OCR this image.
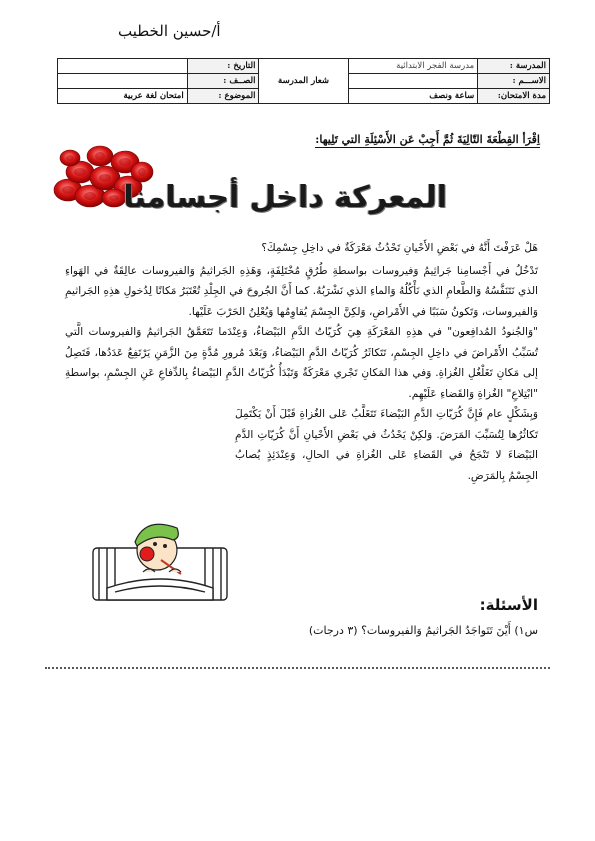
أ/حسين الخطيب
المدرسة :	مدرسة الفجر الابتدائية	شعار المدرسة	التاريخ :	
الاســـم :			الصــف :	
مدة الامتحان:	ساعة ونصف		الموضوع :	امتحان لغة عربية
اِقْرَأ القِطْعَةَ التّالِيَةَ ثُمَّ أَجِبْ عَن الأَسْئِلَةِ التي تَلِيها:
المعركة داخل أجسامنا

هَلْ عَرَفْتَ أَنَّهُ في بَعْضِ الأَحْيانِ تَحْدُثُ مَعْرَكَةٌ في داخِلِ جِسْمِكَ؟

تَدْخُلُ في أَجْسامِنا جَراثِيمُ وَفيروسات بواسطةِ طُرُقٍ مُخْتَلِفَةٍ، وَهَذِهِ الجَراثيمُ وَالفيروسات عالِقَةٌ في الهَواءِ الذي نَتَنَفَّسُهُ وَالطَّعامِ الذي نَأْكُلُهُ وَالماءِ الذي نَشْرَبُهُ. كما أَنَّ الجُروحَ في الجِلْدِ تُعْتَبَرُ مَكانًا لِدُخولِ هذِهِ الجَراثيمِ وَالفيروسات، وَتَكونُ سَبَبًا في الأَمْراضِ، وَلكِنَّ الجِسْمَ يُقاوِمُها وَيُعْلِنُ الحَرْبَ عَلَيْها.

"وَالجُنودُ المُدافِعون" في هذِهِ المَعْرَكَةِ هِيَ كُرَيّاتُ الدَّمِ البَيْضاءُ، وَعِنْدَما تَتَعَمَّقُ الجَراثيمُ وَالفيروسات الَّتي تُسَبِّبُ الأَمْراضَ في داخِلِ الجِسْمِ، تَتَكاثَرُ كُرَيّاتُ الدَّمِ البَيْضاءُ، وَبَعْدَ مُرورِ مُدَّةٍ مِنَ الزَّمَنِ يَرْتَفِعُ عَدَدُها، فَتَصِلُ إلى مَكانِ تَغَلْغُلِ الغُزاةِ. وَفي هذا المَكانِ تَجْري مَعْرَكَةٌ وَتَبْدَأُ كُرَيّاتُ الدَّمِ البَيْضاءُ بِالدِّفاعِ عَنِ الجِسْمِ، بواسطةِ "ابْتِلاعِ" الغُزاةِ وَالقَضاءِ عَلَيْهِم.

وَبِشَكْلٍ عام فَإِنَّ كُرَيّاتِ الدَّمِ البَيْضاءَ تَتَغَلَّبُ عَلى الغُزاةِ قَبْلَ أَنْ يَكْتَمِلَ تَكاثُرُها لِتُسَبِّبَ المَرَضَ. وَلكِنْ يَحْدُثُ في بَعْضِ الأَحْيانِ أَنَّ كُرَيّاتِ الدَّمِ البَيْضاءَ لا تَنْجَحُ في القَضاءِ عَلى الغُزاةِ في الحالِ، وَعِنْدَئِذٍ يُصابُ الجِسْمُ بِالمَرَضِ.

الأسئلة:
س١) أَيْنَ تَتَواجَدُ الجَراثيمُ وَالفيروسات؟ (٣ درجات)
